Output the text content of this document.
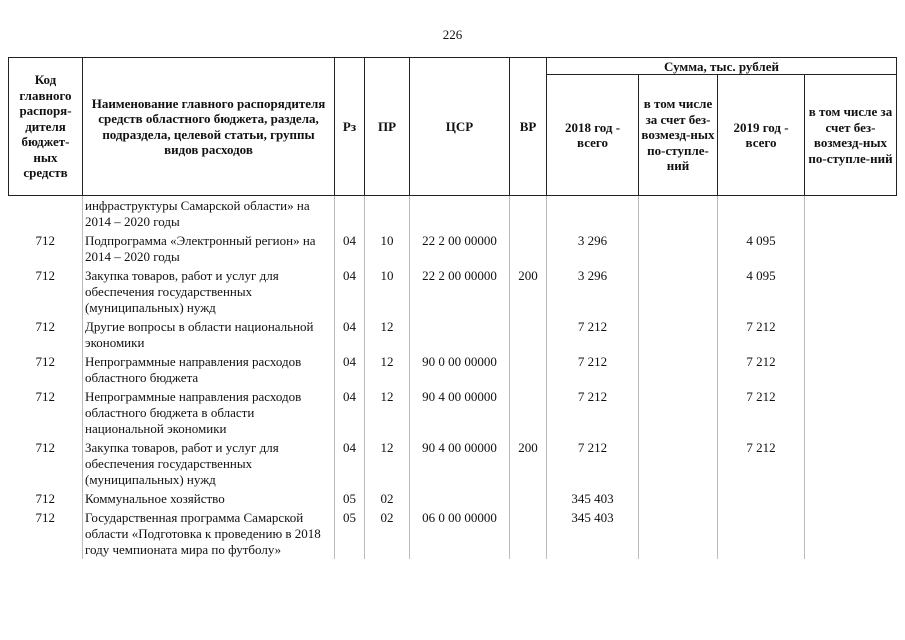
226
Код главного распоря-дителя бюджет-ных средств	Наименование главного распорядителя средств областного бюджета, раздела, подраздела, целевой статьи, группы видов расходов	Рз	ПР	ЦСР	ВР	Сумма, тыс. рублей			
						2018 год - всего	в том числе за счет без-возмезд-ных по-ступле-ний	2019 год - всего	в том числе за счет без-возмезд-ных по-ступле-ний
	инфраструктуры Самарской области» на 2014 – 2020 годы								
712	Подпрограмма «Электронный регион» на 2014 – 2020 годы	04	10	22 2 00 00000		3 296		4 095	
712	Закупка товаров, работ и услуг для обеспечения государственных (муниципальных) нужд	04	10	22 2 00 00000	200	3 296		4 095	
712	Другие вопросы в области национальной экономики	04	12			7 212		7 212	
712	Непрограммные направления расходов областного бюджета	04	12	90 0 00 00000		7 212		7 212	
712	Непрограммные направления расходов областного бюджета в области национальной экономики	04	12	90 4 00 00000		7 212		7 212	
712	Закупка товаров, работ и услуг для обеспечения государственных (муниципальных) нужд	04	12	90 4 00 00000	200	7 212		7 212	
712	Коммунальное хозяйство	05	02			345 403			
712	Государственная программа Самарской области «Подготовка к проведению в 2018 году чемпионата мира по футболу»	05	02	06 0 00 00000		345 403			
